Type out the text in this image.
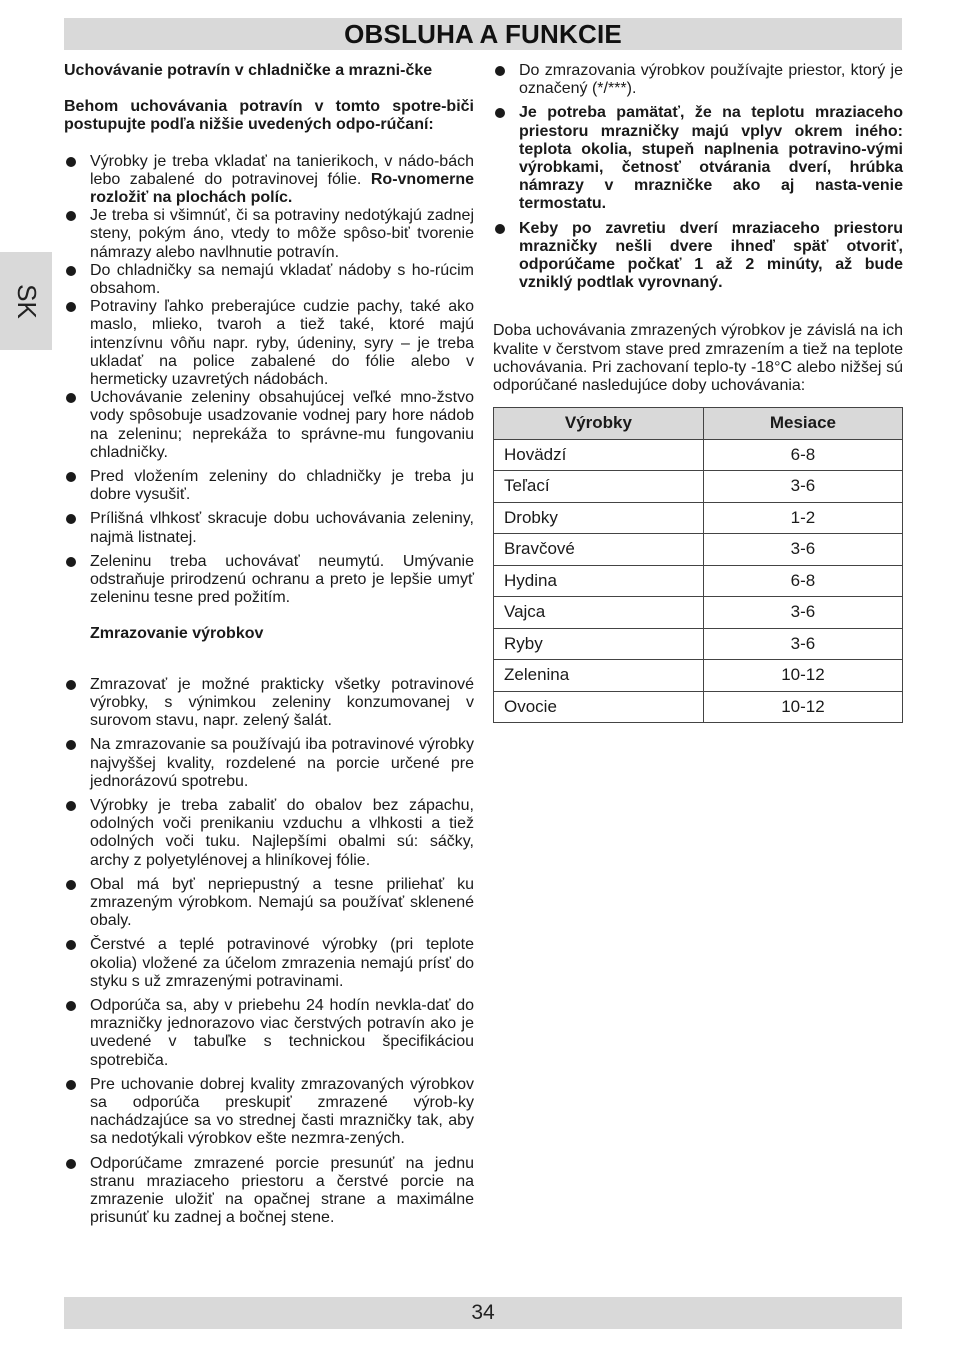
OBSLUHA A FUNKCIE
SK

Uchovávanie potravín v chladničke a mrazni-čke

Behom uchovávania potravín v tomto spotre-biči postupujte podľa nižšie uvedených odpo-rúčaní:

Výrobky je treba vkladať na tanierikoch, v nádo-bách lebo zabalené do potravinovej fólie. Ro-vnomerne rozložiť na plochách políc.
Je treba si všimnúť, či sa potraviny nedotýkajú zadnej steny, pokým áno, vtedy to môže spôso-biť tvorenie námrazy alebo navlhnutie potravín.
Do chladničky sa nemajú vkladať nádoby s ho-rúcim obsahom.
Potraviny ľahko preberajúce cudzie pachy, také ako maslo, mlieko, tvaroh a tiež také, ktoré majú intenzívnu vôňu napr. ryby, údeniny, syry – je treba ukladať na police zabalené do fólie alebo v hermeticky uzavretých nádobách.
Uchovávanie zeleniny obsahujúcej veľké mno-žstvo vody spôsobuje usadzovanie vodnej pary hore nádob na zeleninu; neprekáža to správne-mu fungovaniu chladničky.
Pred vložením zeleniny do chladničky je treba ju dobre vysušiť.
Prílišná vlhkosť skracuje dobu uchovávania zeleniny, najmä listnatej.
Zeleninu treba uchovávať neumytú. Umývanie odstraňuje prirodzenú ochranu a preto je lepšie umyť zeleninu tesne pred požitím.

Zmrazovanie výrobkov

Zmrazovať je možné prakticky všetky potravinové výrobky, s výnimkou zeleniny konzumovanej v surovom stavu, napr. zelený šalát.
Na zmrazovanie sa používajú iba potravinové výrobky najvyššej kvality, rozdelené na porcie určené pre jednorázovú spotrebu.
Výrobky je treba zabaliť do obalov bez zápachu, odolných voči prenikaniu vzduchu a vlhkosti a tiež odolných voči tuku. Najlepšími obalmi sú: sáčky, archy z polyetylénovej a hliníkovej fólie.
Obal má byť nepriepustný a tesne priliehať ku zmrazeným výrobkom. Nemajú sa používať sklenené obaly.
Čerstvé a teplé potravinové výrobky (pri teplote okolia) vložené za účelom zmrazenia nemajú prísť do styku s už zmrazenými potravinami.
Odporúča sa, aby v priebehu 24 hodín nevkla-dať do mrazničky jednorazovo viac čerstvých potravín ako je uvedené v tabuľke s technickou špecifikáciou spotrebiča.
Pre uchovanie dobrej kvality zmrazovaných výrobkov sa odporúča preskupiť zmrazené výrob-ky nachádzajúce sa vo strednej časti mrazničky tak, aby sa nedotýkali výrobkov ešte nezmra-zených.
Odporúčame zmrazené porcie presunúť na jednu stranu mraziaceho priestoru a čerstvé porcie na zmrazenie uložiť na opačnej strane a maximálne prisunúť ku zadnej a bočnej stene.
Do zmrazovania výrobkov používajte priestor, ktorý je označený (*/***).
Je potreba pamätať, že na teplotu mraziaceho priestoru mrazničky majú vplyv okrem iného: teplota okolia, stupeň naplnenia potravino-vými výrobkami, četnosť otvárania dverí, hrúbka námrazy v mrazničke ako aj nasta-venie termostatu.
Keby po zavretiu dverí mraziaceho priestoru mrazničky nešli dvere ihneď späť otvoriť, odporúčame počkať 1 až 2 minúty, až bude vzniklý podtlak vyrovnaný.

Doba uchovávania zmrazených výrobkov je závislá na ich kvalite v čerstvom stave pred zmrazením a tiež na teplote uchovávania. Pri zachovaní teplo-ty -18°C alebo nižšej sú odporúčané nasledujúce doby uchovávania:

Výrobky	Mesiace
Hovädzí	6-8
Teľací	3-6
Drobky	1-2
Bravčové	3-6
Hydina	6-8
Vajca	3-6
Ryby	3-6
Zelenina	10-12
Ovocie	10-12
34
